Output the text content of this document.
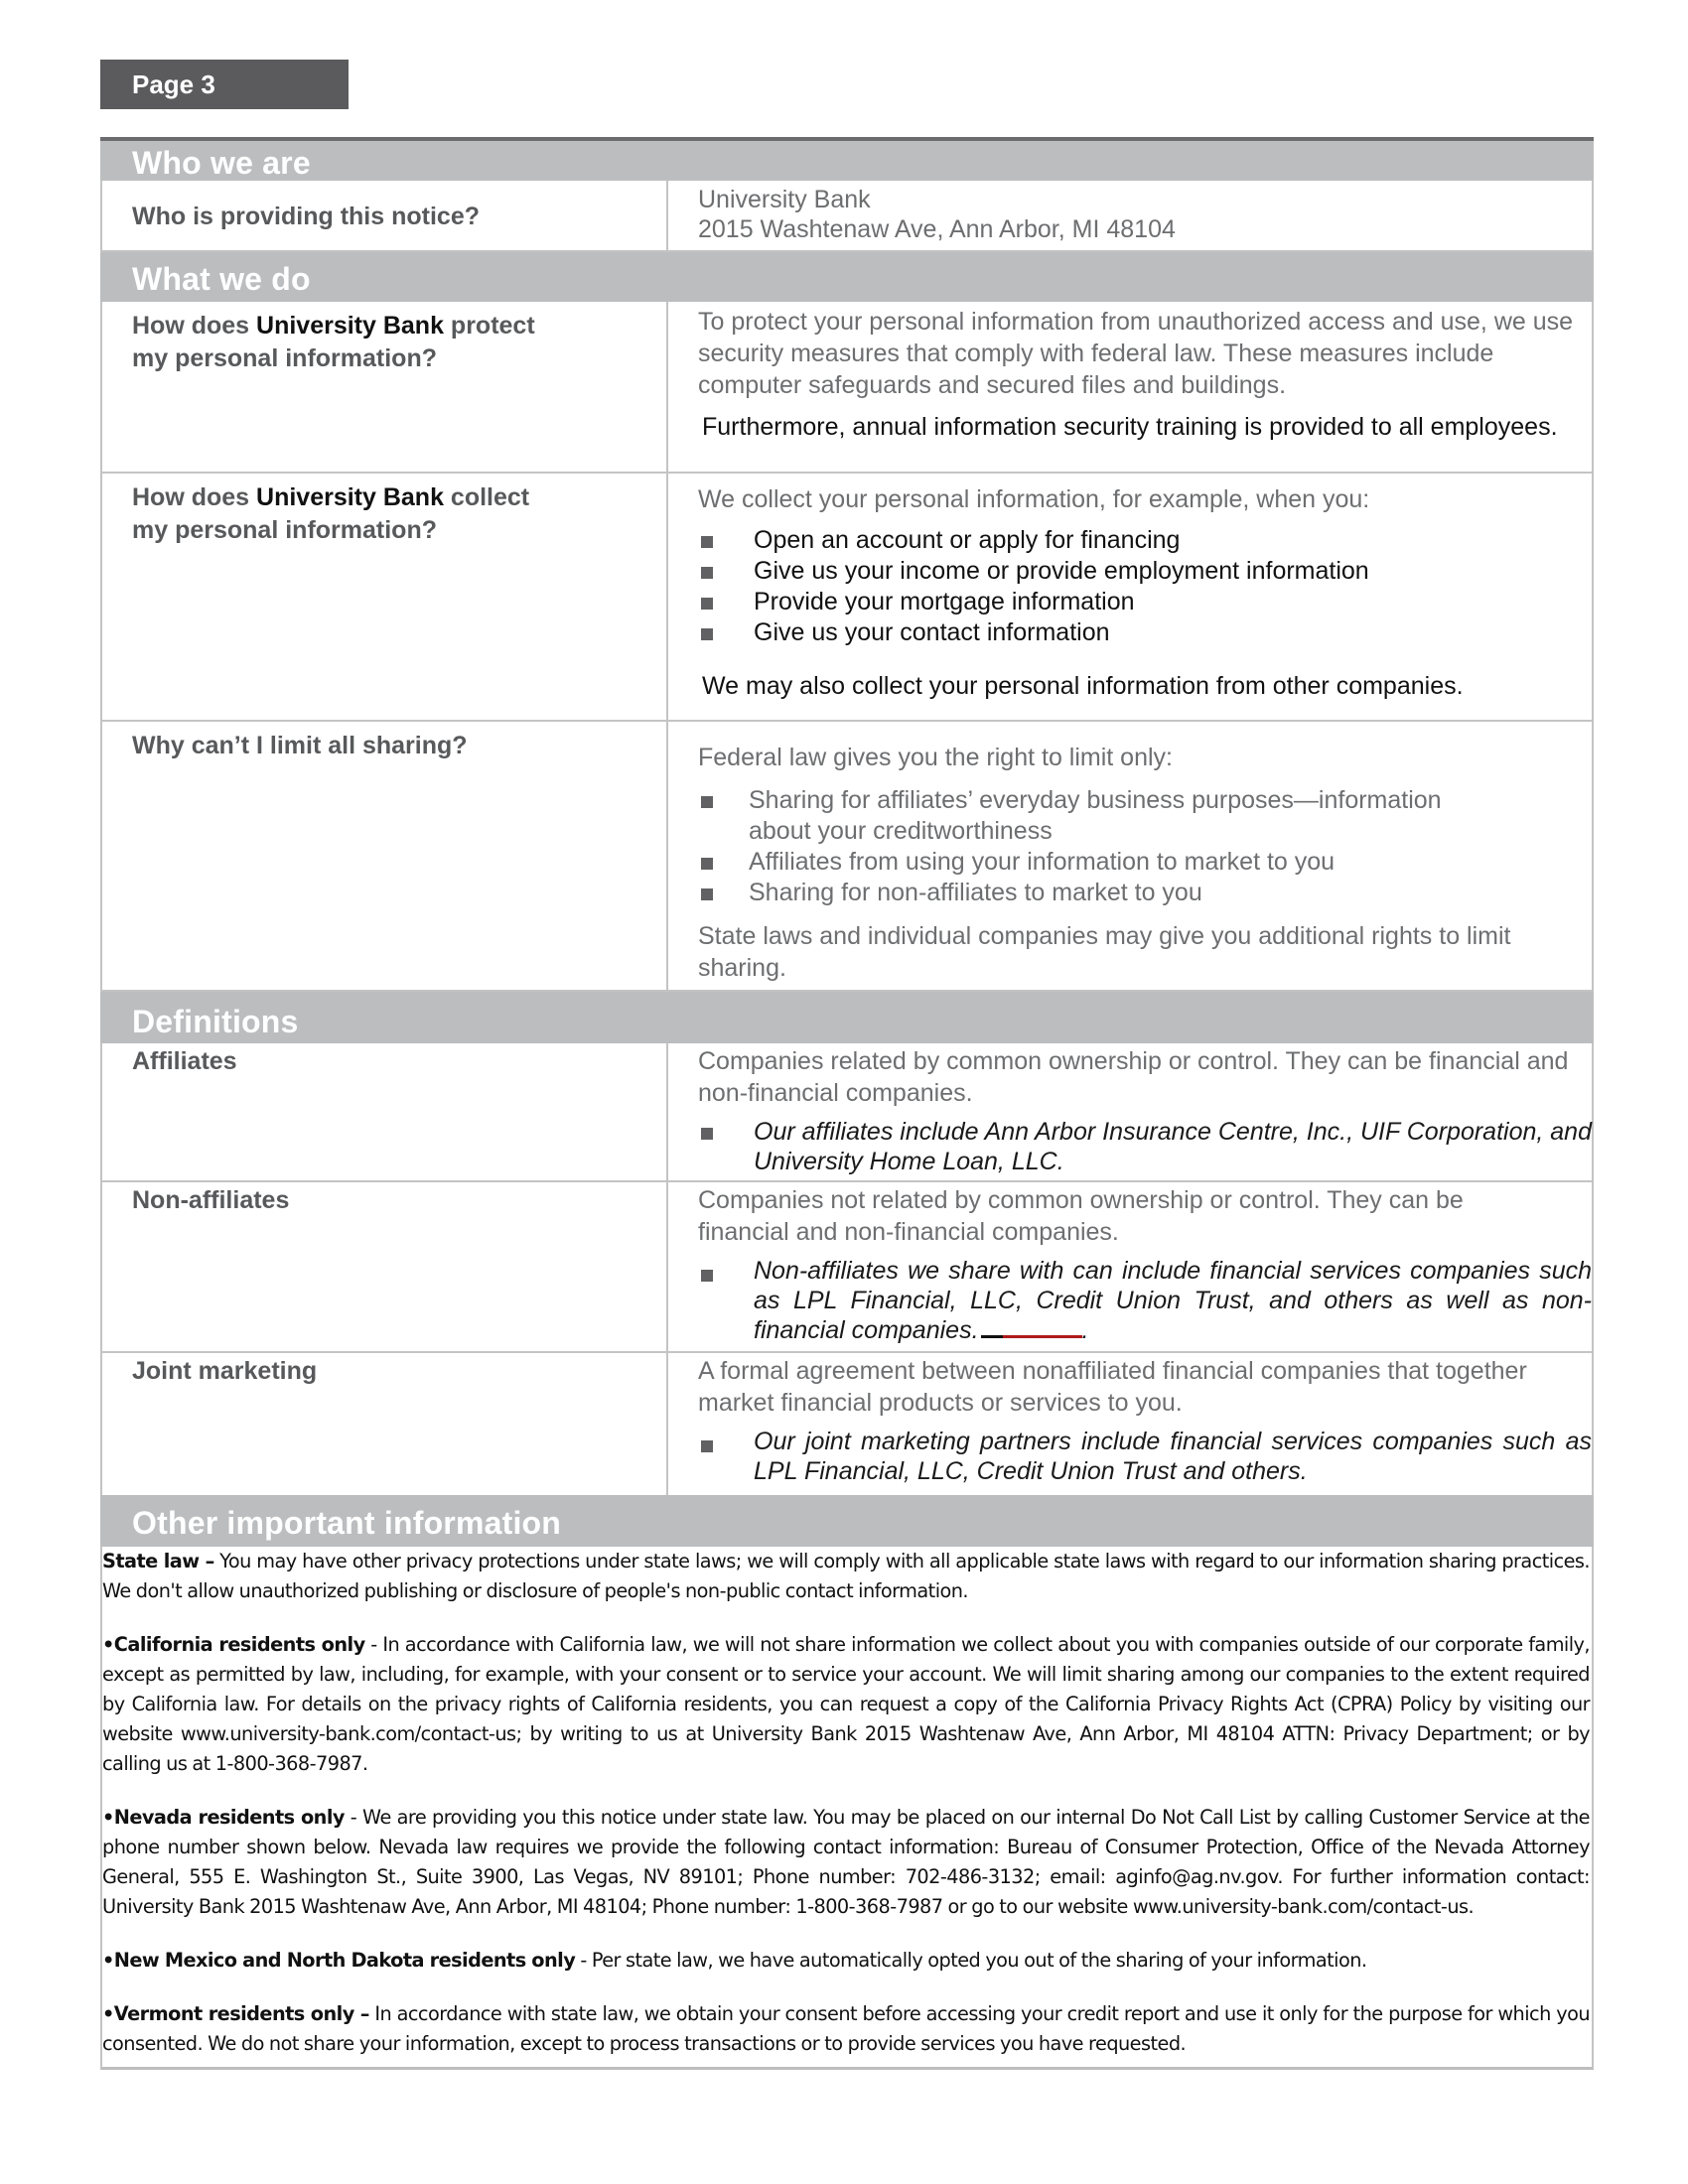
Page 3
Who we are
Who is providing this notice?
University Bank
2015 Washtenaw Ave, Ann Arbor, MI 48104
What we do
How does University Bank protect
my personal information?

To protect your personal information from unauthorized access and use, we use security measures that comply with federal law. These measures include computer safeguards and secured files and buildings.

Furthermore, annual information security training is provided to all employees.

How does University Bank collect
my personal information?

We collect your personal information, for example, when you:

Open an account or apply for financing
Give us your income or provide employment information
Provide your mortgage information
Give us your contact information

We may also collect your personal information from other companies.

Why can’t I limit all sharing?	Federal law gives you the right to limit only:

Sharing for affiliates’ everyday business purposes—information about your creditworthiness
Affiliates from using your information to market to you
Sharing for non-affiliates to market to you

State laws and individual companies may give you additional rights to limit sharing.

Definitions
Affiliates	Companies related by common ownership or control. They can be financial and non-financial companies.

Our affiliates include Ann Arbor Insurance Centre, Inc., UIF Corporation, and University Home Loan, LLC.
Non-affiliates	Companies not related by common ownership or control. They can be financial and non-financial companies.

Non-affiliates we share with can include financial services companies such as LPL Financial, LLC, Credit Union Trust, and others as well as non-financial companies.	.
Joint marketing	A formal agreement between nonaffiliated financial companies that together market financial products or services to you.

Our joint marketing partners include financial services companies such as LPL Financial, LLC, Credit Union Trust and others.
Other important information

State law – You may have other privacy protections under state laws; we will comply with all applicable state laws with regard to our information sharing practices. We don't allow unauthorized publishing or disclosure of people's non-public contact information.

•California residents only - In accordance with California law, we will not share information we collect about you with companies outside of our corporate family, except as permitted by law, including, for example, with your consent or to service your account. We will limit sharing among our companies to the extent required by California law. For details on the privacy rights of California residents, you can request a copy of the California Privacy Rights Act (CPRA) Policy by visiting our website www.university-bank.com/contact-us; by writing to us at University Bank 2015 Washtenaw Ave, Ann Arbor, MI 48104 ATTN: Privacy Department; or by calling us at 1-800-368-7987.

•Nevada residents only - We are providing you this notice under state law. You may be placed on our internal Do Not Call List by calling Customer Service at the phone number shown below. Nevada law requires we provide the following contact information: Bureau of Consumer Protection, Office of the Nevada Attorney General, 555 E. Washington St., Suite 3900, Las Vegas, NV 89101; Phone number: 702-486-3132; email: aginfo@ag.nv.gov. For further information contact: University Bank 2015 Washtenaw Ave, Ann Arbor, MI 48104; Phone number: 1-800-368-7987 or go to our website www.university-bank.com/contact-us.

•New Mexico and North Dakota residents only - Per state law, we have automatically opted you out of the sharing of your information.

•Vermont residents only – In accordance with state law, we obtain your consent before accessing your credit report and use it only for the purpose for which you consented. We do not share your information, except to process transactions or to provide services you have requested.
